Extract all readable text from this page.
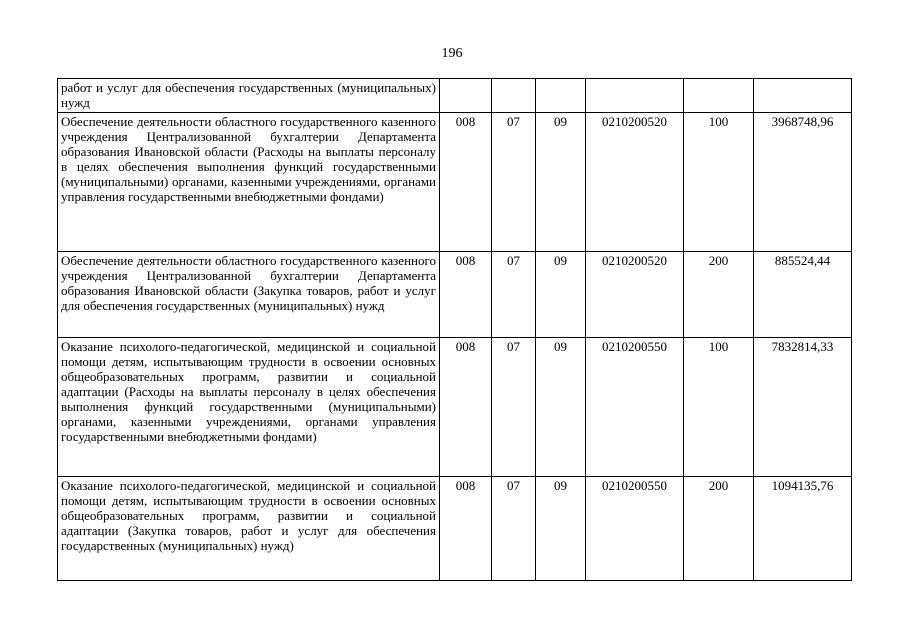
196
работ и услуг для обеспечения государственных (муниципальных) нужд						
Обеспечение деятельности областного государственного казенного учреждения Централизованной бухгалтерии Департамента образования Ивановской области (Расходы на выплаты персоналу в целях обеспечения выполнения функций государственными (муниципальными) органами, казенными учреждениями, органами управления государственными внебюджетными фондами)	008	07	09	0210200520	100	3968748,96
Обеспечение деятельности областного государственного казенного учреждения Централизованной бухгалтерии Департамента образования Ивановской области (Закупка товаров, работ и услуг для обеспечения государственных (муниципальных) нужд	008	07	09	0210200520	200	885524,44
Оказание психолого-педагогической, медицинской и социальной помощи детям, испытывающим трудности в освоении основных общеобразовательных программ, развитии и социальной адаптации (Расходы на выплаты персоналу в целях обеспечения выполнения функций государственными (муниципальными) органами, казенными учреждениями, органами управления государственными внебюджетными фондами)	008	07	09	0210200550	100	7832814,33
Оказание психолого-педагогической, медицинской и социальной помощи детям, испытывающим трудности в освоении основных общеобразовательных программ, развитии и социальной адаптации (Закупка товаров, работ и услуг для обеспечения государственных (муниципальных) нужд)	008	07	09	0210200550	200	1094135,76
